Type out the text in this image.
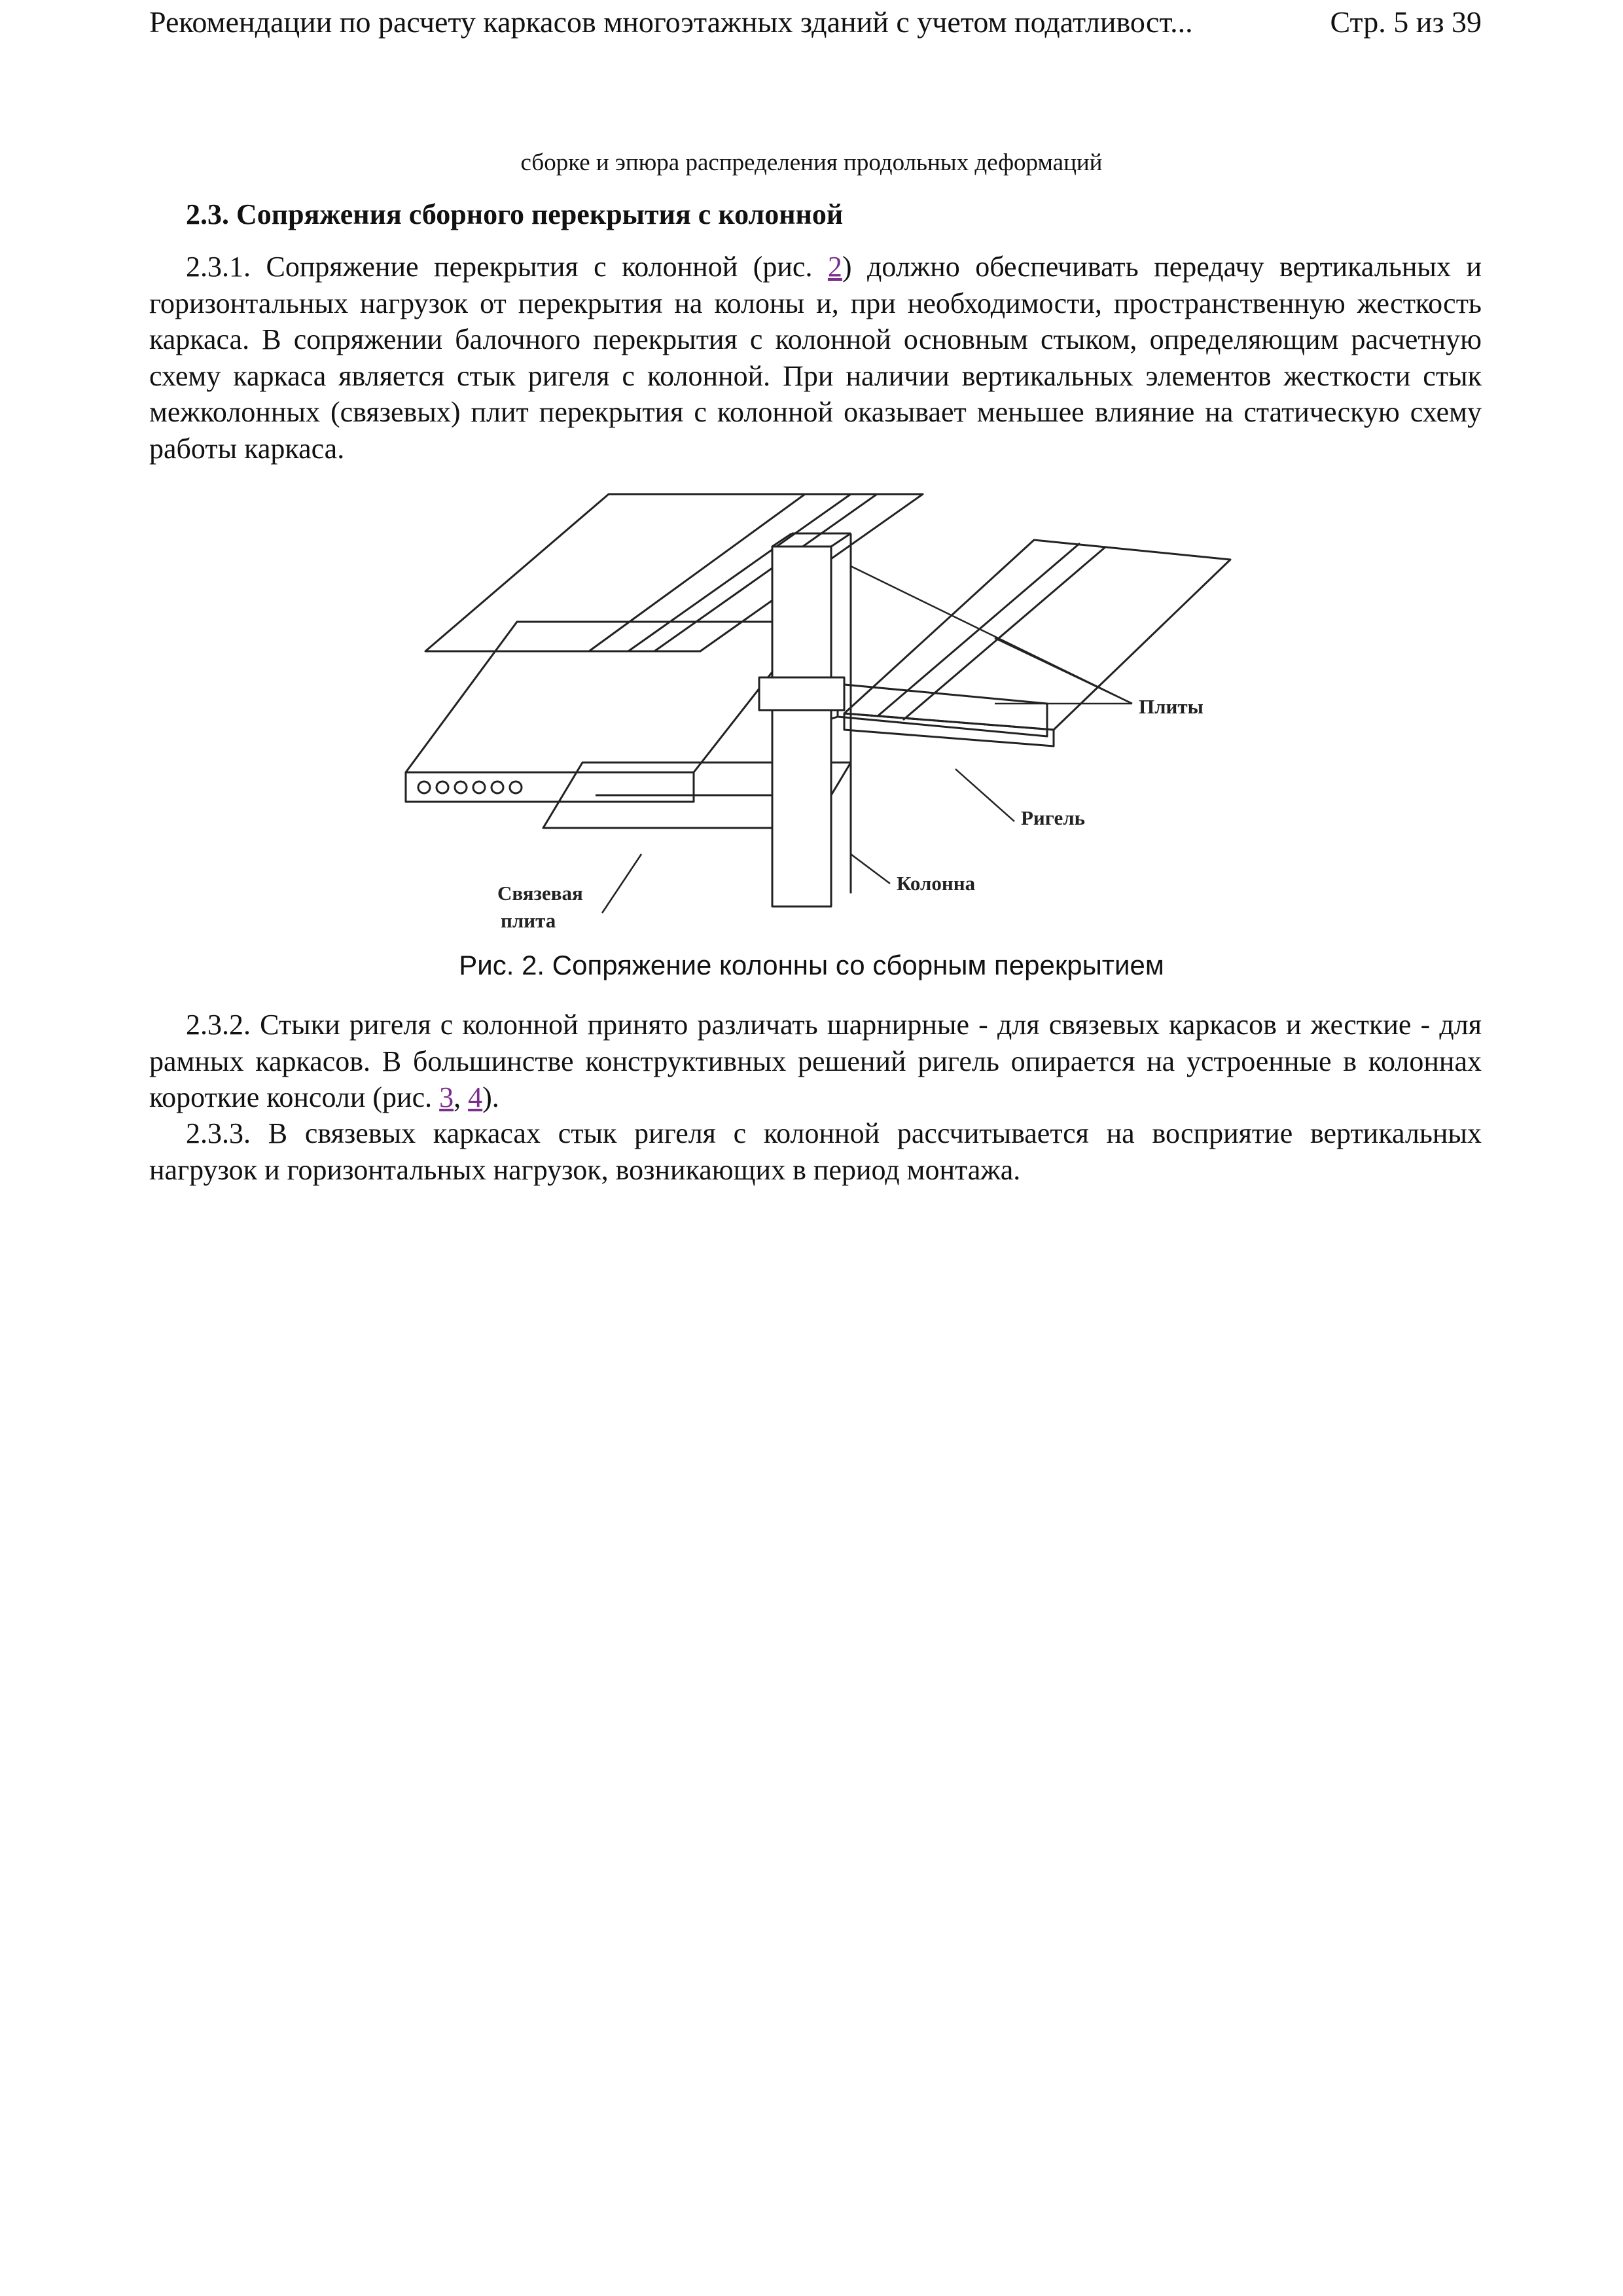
Рекомендации по расчету каркасов многоэтажных зданий с учетом податливост...	Стр. 5 из 39
сборке и эпюра распределения продольных деформаций
2.3. Сопряжения сборного перекрытия с колонной
2.3.1. Сопряжение перекрытия с колонной (рис. 2) должно обеспечивать передачу вертикальных и горизонтальных нагрузок от перекрытия на колоны и, при необходимости, пространственную жесткость каркаса. В сопряжении балочного перекрытия с колонной основным стыком, определяющим расчетную схему каркаса является стык ригеля с колонной. При наличии вертикальных элементов жесткости стык межколонных (связевых) плит перекрытия с колонной оказывает меньшее влияние на статическую схему работы каркаса.
Плиты
Ригель
Колонна
Связевая
плита
Рис. 2. Сопряжение колонны со сборным перекрытием
2.3.2. Стыки ригеля с колонной принято различать шарнирные - для связевых каркасов и жесткие - для рамных каркасов. В большинстве конструктивных решений ригель опирается на устроенные в колоннах короткие консоли (рис. 3, 4).
2.3.3. В связевых каркасах стык ригеля с колонной рассчитывается на восприятие вертикальных нагрузок и горизонтальных нагрузок, возникающих в период монтажа.
